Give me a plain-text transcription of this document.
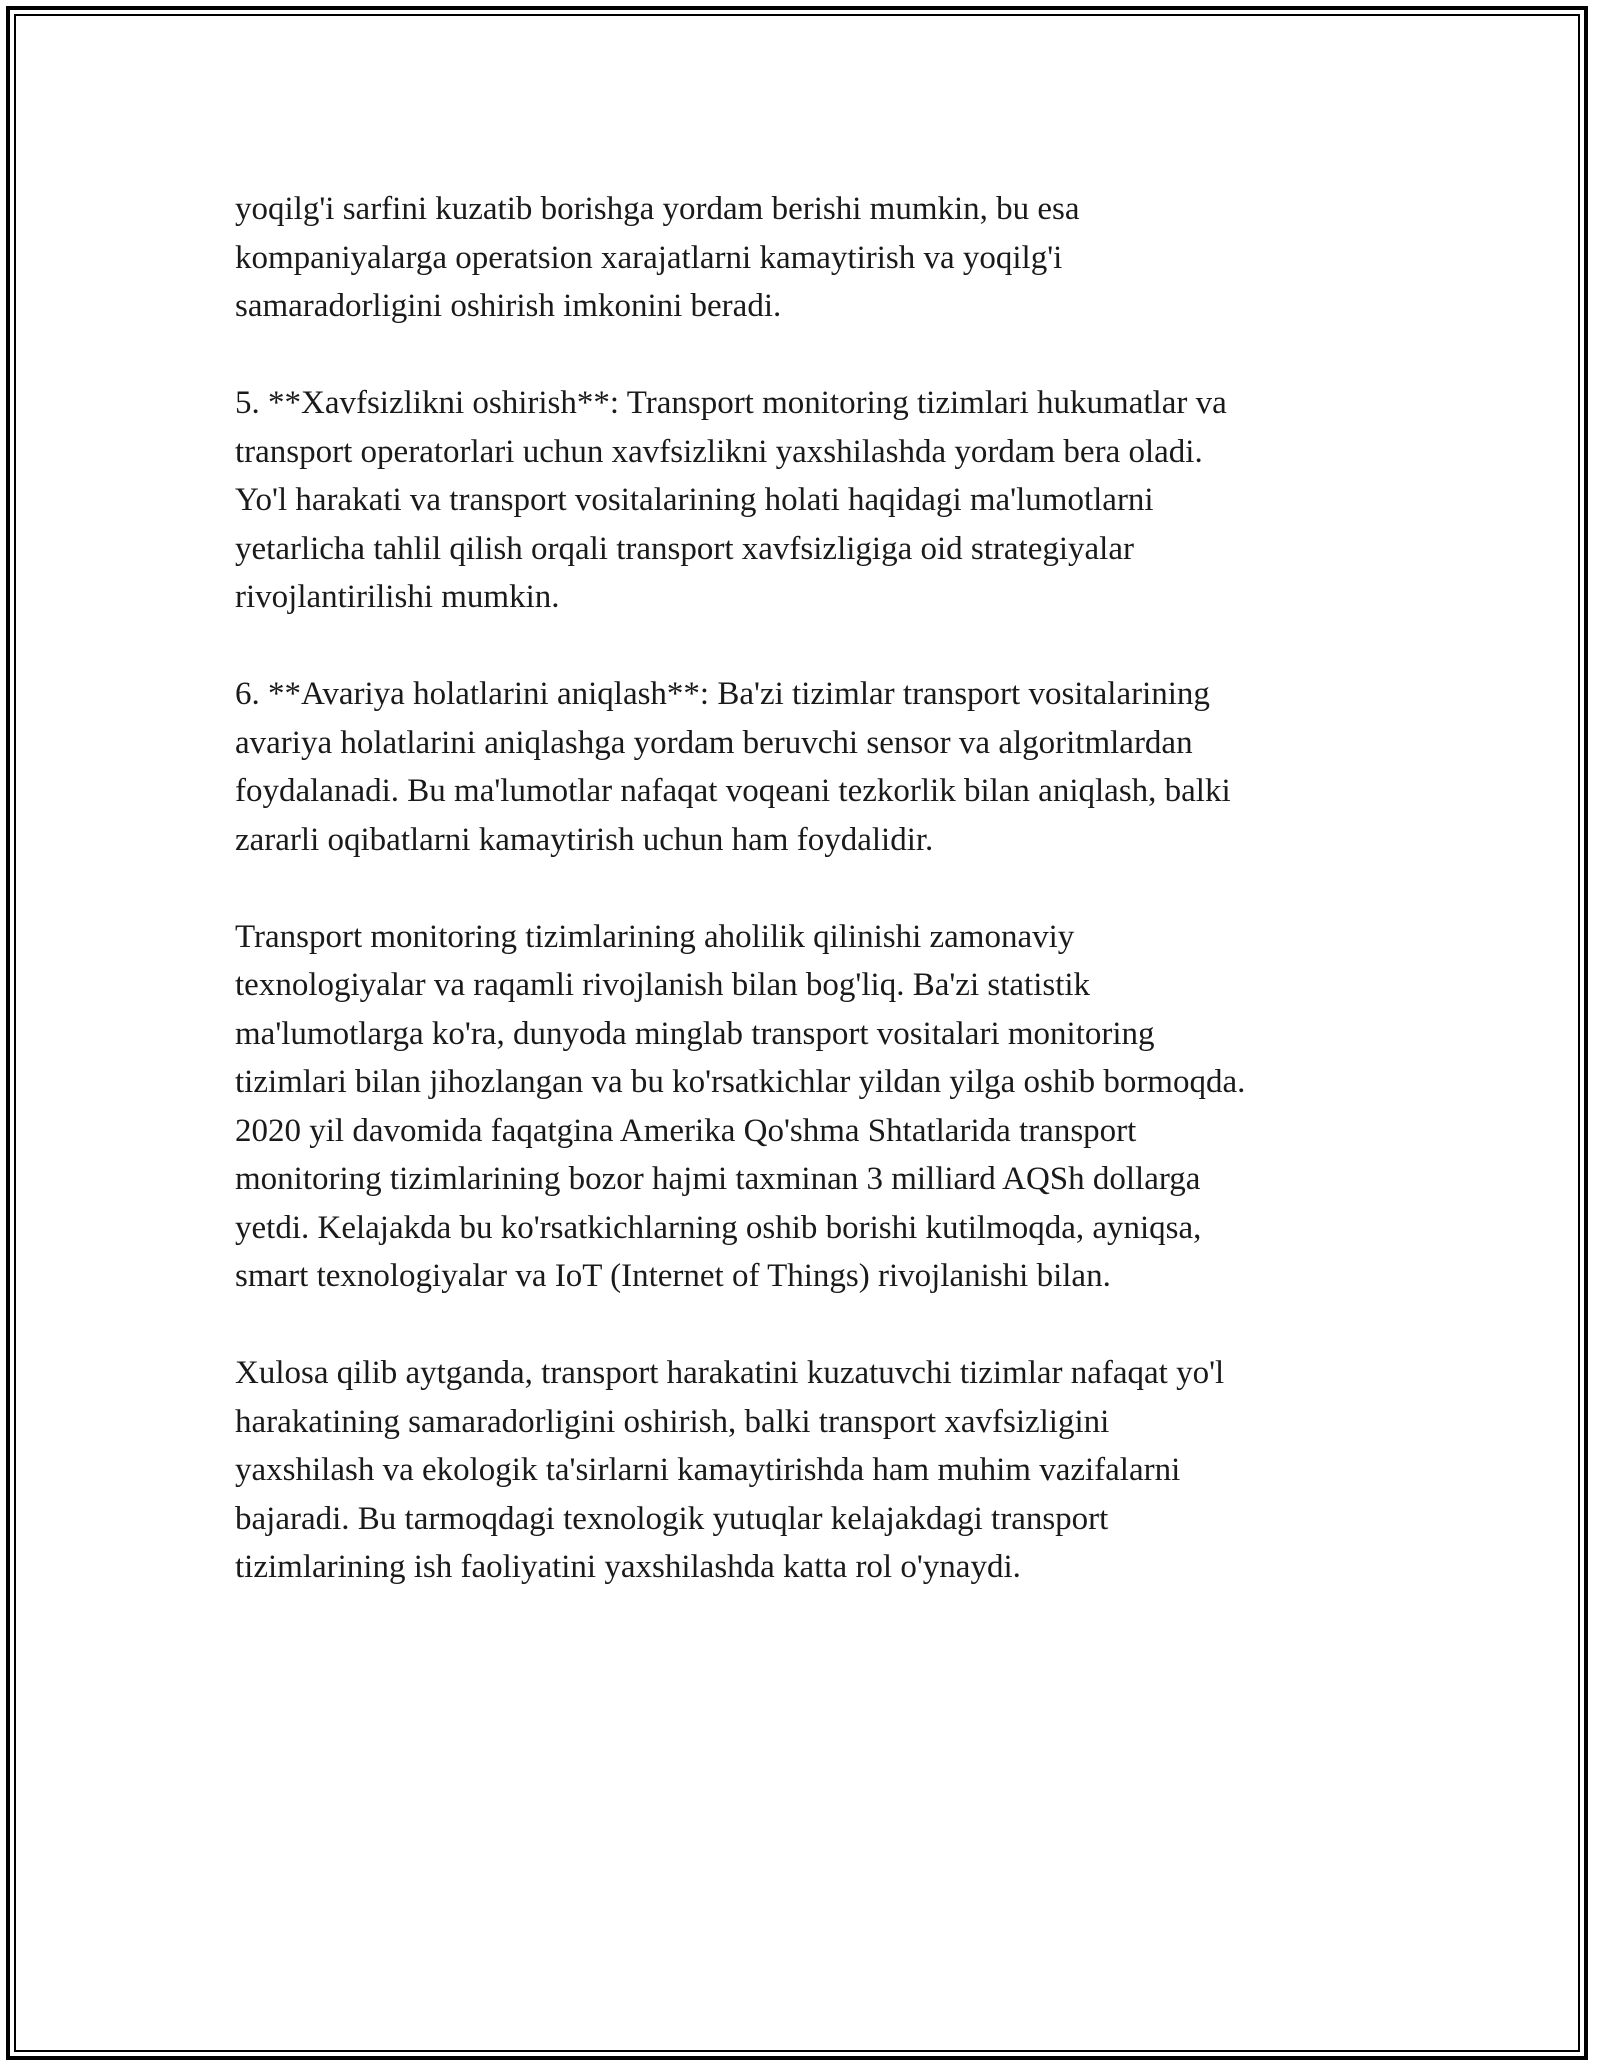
yoqilg'i sarfini kuzatib borishga yordam berishi mumkin, bu esa
kompaniyalarga operatsion xarajatlarni kamaytirish va yoqilg'i
samaradorligini oshirish imkonini beradi.

5. **Xavfsizlikni oshirish**: Transport monitoring tizimlari hukumatlar va
transport operatorlari uchun xavfsizlikni yaxshilashda yordam bera oladi.
Yo'l harakati va transport vositalarining holati haqidagi ma'lumotlarni
yetarlicha tahlil qilish orqali transport xavfsizligiga oid strategiyalar
rivojlantirilishi mumkin.

6. **Avariya holatlarini aniqlash**: Ba'zi tizimlar transport vositalarining
avariya holatlarini aniqlashga yordam beruvchi sensor va algoritmlardan
foydalanadi. Bu ma'lumotlar nafaqat voqeani tezkorlik bilan aniqlash, balki
zararli oqibatlarni kamaytirish uchun ham foydalidir.

Transport monitoring tizimlarining aholilik qilinishi zamonaviy
texnologiyalar va raqamli rivojlanish bilan bog'liq. Ba'zi statistik
ma'lumotlarga ko'ra, dunyoda minglab transport vositalari monitoring
tizimlari bilan jihozlangan va bu ko'rsatkichlar yildan yilga oshib bormoqda.
2020 yil davomida faqatgina Amerika Qo'shma Shtatlarida transport
monitoring tizimlarining bozor hajmi taxminan 3 milliard AQSh dollarga
yetdi. Kelajakda bu ko'rsatkichlarning oshib borishi kutilmoqda, ayniqsa,
smart texnologiyalar va IoT (Internet of Things) rivojlanishi bilan.

Xulosa qilib aytganda, transport harakatini kuzatuvchi tizimlar nafaqat yo'l
harakatining samaradorligini oshirish, balki transport xavfsizligini
yaxshilash va ekologik ta'sirlarni kamaytirishda ham muhim vazifalarni
bajaradi. Bu tarmoqdagi texnologik yutuqlar kelajakdagi transport
tizimlarining ish faoliyatini yaxshilashda katta rol o'ynaydi.
